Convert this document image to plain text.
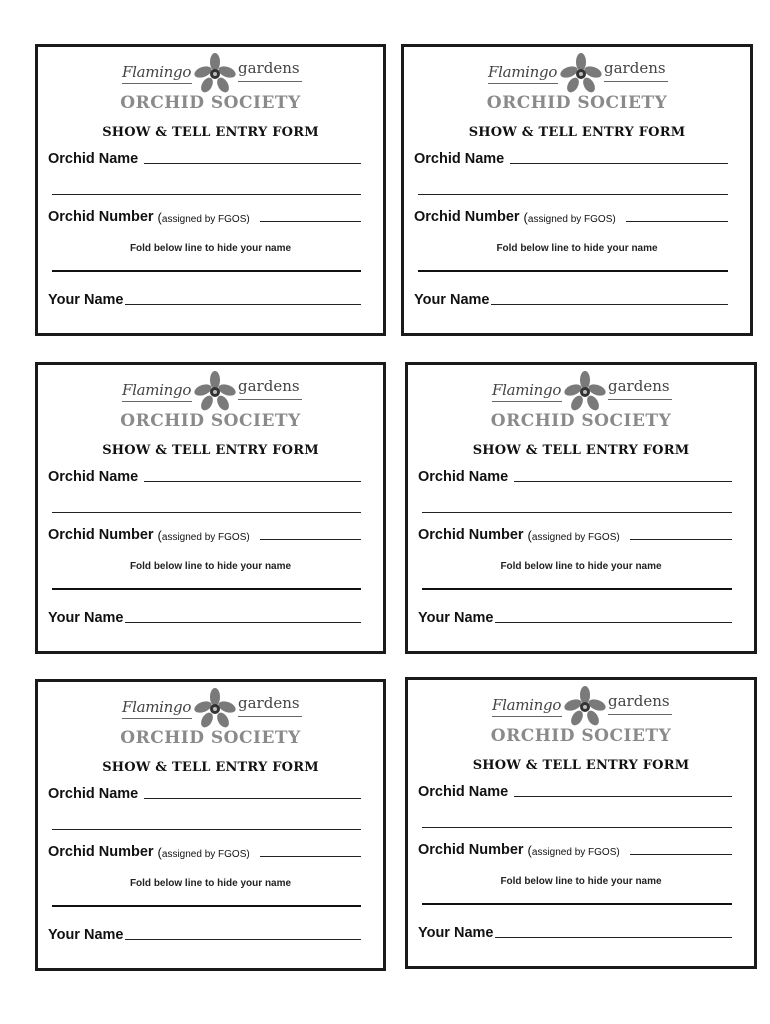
Flamingo	gardens
ORCHID SOCIETY
SHOW & TELL ENTRY FORM
Orchid Name
Orchid Number ( assigned by FGOS)
Fold below line to hide your name
Your Name
Flamingo	gardens
ORCHID SOCIETY
SHOW & TELL ENTRY FORM
Orchid Name
Orchid Number ( assigned by FGOS)
Fold below line to hide your name
Your Name
Flamingo	gardens
ORCHID SOCIETY
SHOW & TELL ENTRY FORM
Orchid Name
Orchid Number ( assigned by FGOS)
Fold below line to hide your name
Your Name
Flamingo	gardens
ORCHID SOCIETY
SHOW & TELL ENTRY FORM
Orchid Name
Orchid Number ( assigned by FGOS)
Fold below line to hide your name
Your Name
Flamingo	gardens
ORCHID SOCIETY
SHOW & TELL ENTRY FORM
Orchid Name
Orchid Number ( assigned by FGOS)
Fold below line to hide your name
Your Name
Flamingo	gardens
ORCHID SOCIETY
SHOW & TELL ENTRY FORM
Orchid Name
Orchid Number ( assigned by FGOS)
Fold below line to hide your name
Your Name
